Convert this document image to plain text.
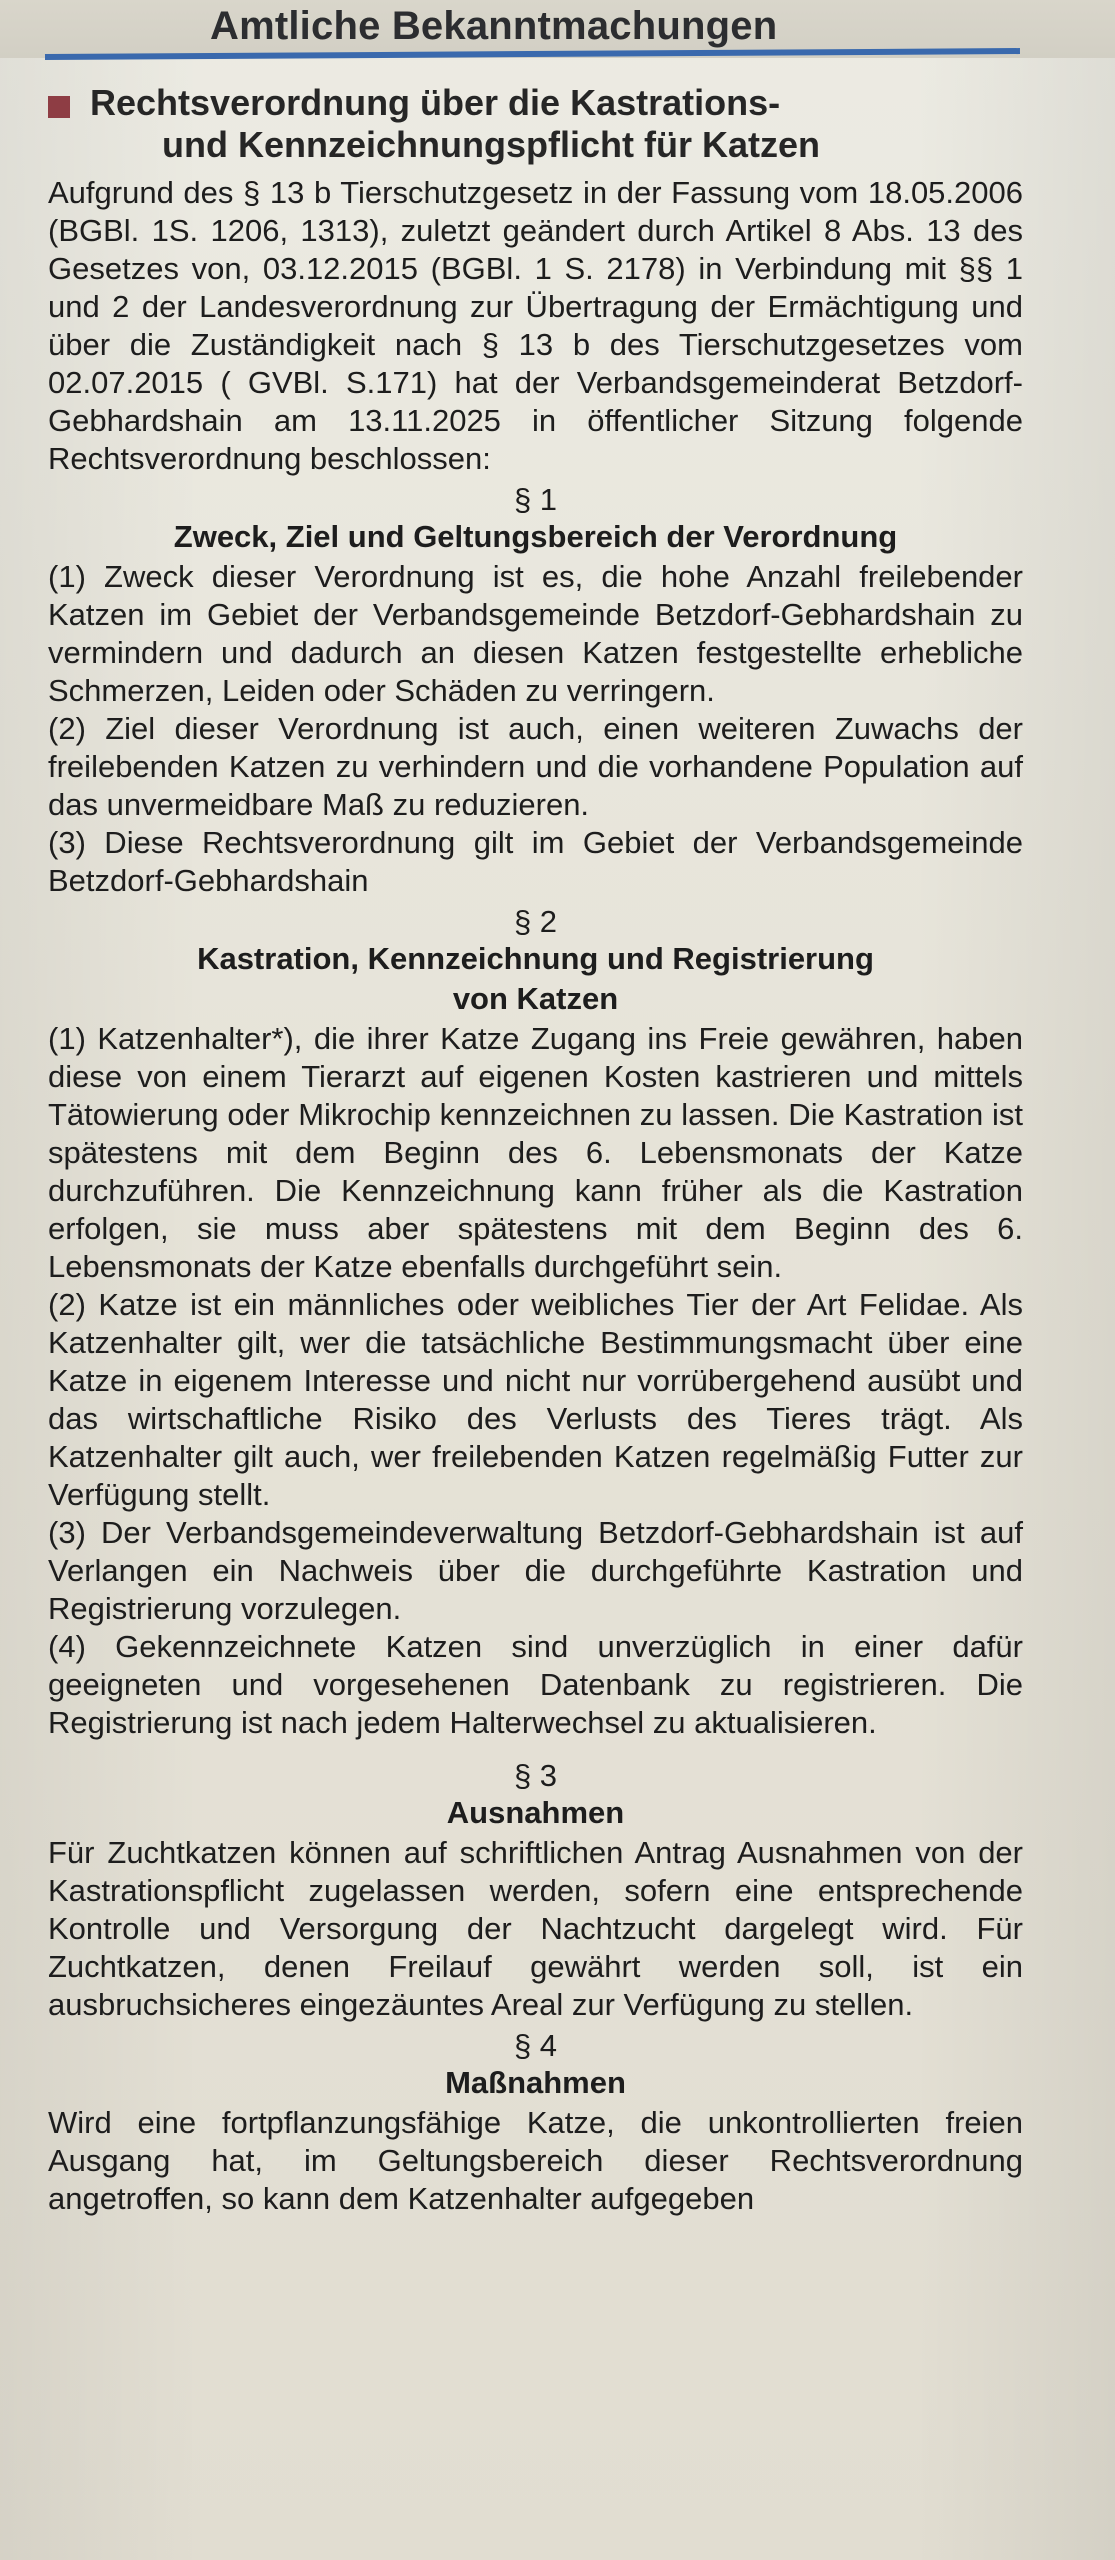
Amtliche Bekanntmachungen
Rechtsverordnung über die Kastrations-
und Kennzeichnungspflicht für Katzen

Aufgrund des § 13 b Tierschutzgesetz in der Fassung vom 18.05.2006 (BGBl. 1S. 1206, 1313), zuletzt geändert durch Artikel 8 Abs. 13 des Gesetzes von, 03.12.2015 (BGBl. 1 S. 2178) in Verbindung mit §§ 1 und 2 der Landesverordnung zur Übertragung der Ermächtigung und über die Zuständigkeit nach § 13 b des Tierschutzgesetzes vom 02.07.2015 ( GVBl. S.171) hat der Verbandsgemeinderat Betzdorf-Gebhardshain am 13.11.2025 in öffentlicher Sitzung folgende Rechtsverordnung beschlossen:

§ 1
Zweck, Ziel und Geltungsbereich der Verordnung

(1) Zweck dieser Verordnung ist es, die hohe Anzahl freilebender Katzen im Gebiet der Verbandsgemeinde Betzdorf-Gebhardshain zu vermindern und dadurch an diesen Katzen festgestellte erhebliche Schmerzen, Leiden oder Schäden zu verringern.

(2) Ziel dieser Verordnung ist auch, einen weiteren Zuwachs der freilebenden Katzen zu verhindern und die vorhandene Population auf das unvermeidbare Maß zu reduzieren.

(3) Diese Rechtsverordnung gilt im Gebiet der Verbandsgemeinde Betzdorf-Gebhardshain

§ 2
Kastration, Kennzeichnung und Registrierung
von Katzen

(1) Katzenhalter*), die ihrer Katze Zugang ins Freie gewähren, haben diese von einem Tierarzt auf eigenen Kosten kastrieren und mittels Tätowierung oder Mikrochip kennzeichnen zu lassen. Die Kastration ist spätestens mit dem Beginn des 6. Lebensmonats der Katze durchzuführen. Die Kennzeichnung kann früher als die Kastration erfolgen, sie muss aber spätestens mit dem Beginn des 6. Lebensmonats der Katze ebenfalls durchgeführt sein.

(2) Katze ist ein männliches oder weibliches Tier der Art Felidae. Als Katzenhalter gilt, wer die tatsächliche Bestimmungsmacht über eine Katze in eigenem Interesse und nicht nur vorrübergehend ausübt und das wirtschaftliche Risiko des Verlusts des Tieres trägt. Als Katzenhalter gilt auch, wer freilebenden Katzen regelmäßig Futter zur Verfügung stellt.

(3) Der Verbandsgemeindeverwaltung Betzdorf-Gebhardshain ist auf Verlangen ein Nachweis über die durchgeführte Kastration und Registrierung vorzulegen.

(4) Gekennzeichnete Katzen sind unverzüglich in einer dafür geeigneten und vorgesehenen Datenbank zu registrieren. Die Registrierung ist nach jedem Halterwechsel zu aktualisieren.

§ 3
Ausnahmen

Für Zuchtkatzen können auf schriftlichen Antrag Ausnahmen von der Kastrationspflicht zugelassen werden, sofern eine entsprechende Kontrolle und Versorgung der Nachtzucht dargelegt wird. Für Zuchtkatzen, denen Freilauf gewährt werden soll, ist ein ausbruchsicheres eingezäuntes Areal zur Verfügung zu stellen.

§ 4
Maßnahmen

Wird eine fortpflanzungsfähige Katze, die unkontrollierten freien Ausgang hat, im Geltungsbereich dieser Rechtsverordnung angetroffen, so kann dem Katzenhalter aufgegeben
